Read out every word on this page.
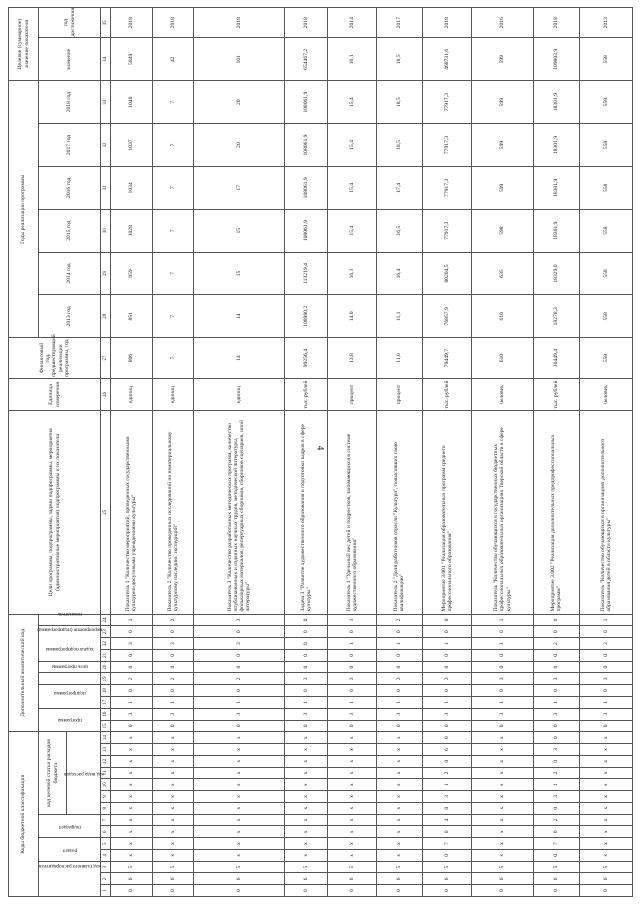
4
Коды бюджетной классификации														Дополнительный аналитический код										Цели программы, подпрограммы, задачи подпрограммы, мероприятия (административные мероприятия) подпрограммы и их показатели	Единица измерения	Финансовый год, предшествующий реализации программы, год	Годы реализации программы						Целевое (суммарное) значение показателя	
код главного распорядителя			раздел		подраздел		код целевой статьи расходов бюджета							программа		подпрограмма		цель программы	задача подпрограммы	мероприятие (подпрограмма)			показатель				2013 год	2014 год	2015 год	2016 год	2017 год	2018 год	значение	год достижения
							код вида расходов																											
1	2	3	4	5	6	7	8	9	10	11	12	13	14	15	16	17	18	19	20	21	22	23	24	25	26	27	28	29	30	31	32	33	34	35
0	6	5	x	x	x	x	x	x	x	x	x	x	x	0	3	1	0	2	0	0	3	0	1	Показатель 1 "Количество мероприятий, проведенных государственными культурно-досуговыми учреждениями культуры"	единиц	806	851	859	1028	1034	1037	1040	5849	2018
0	6	5	x	x	x	x	x	x	x	x	x	x	x	0	3	1	0	2	0	0	3	0	2	Показатель 2 "Количество проведенных исследований по нематериальному культурному наследию, экспедиций"	единиц	7	7	7	7	7	7	7	42	2018
0	6	5	x	x	x	x	x	x	x	x	x	x	x	0	3	1	0	2	0	0	3	0	3	Показатель 3 "Количество разработанных методических программ, количество опубликованных и изданных научных трудов, методической литературы, фольклорных материалов, репертуарных сборников, сборников сценариев, иной литературы"	единиц	14	14	15	15	17	20	20	101	2018
0	6	5	x	x	x	x	x	x	x	x	x	x	x	0	3	1	0	3	0	0	0	0	0	Задача 3 "Развитие художественного образования и подготовки кадров в сфере культуры"	тыс. рублей	99256,4	108980,2	113219,4	108061,9	108061,9	108061,9	108061,9	654467,2	2018
0	6	5	x	x	x	x	x	x	x	x	x	x	x	0	3	1	0	3	0	0	1	0	1	Показатель 1 "Удельный вес детей и подростков, занимающихся в системе художественного образования"	процент	13,8	14,0	16,1	15,4	15,4	15,4	15,4	16,1	2014
0	6	5	x	x	x	x	x	x	x	x	x	x	x	0	3	1	0	3	0	0	1	0	2	Показатель 2 "Доля работников отрасли "Культура", повысивших свою квалификацию"	процент	11,0	11,1	16,4	16,5	17,4	18,5	18,5	18,5	2017
0	6	5	0	7	0	4	0	3	1	2	0	6	0	0	3	1	0	3	0	0	1	0	0	Мероприятие 3.001 "Реализация образовательных программ среднего профессионального образования"	тыс. рублей	79449,7	76857,9	80204,5	77917,3	77917,3	77917,3	77917,3	468731,6	2018
0	6	5	x	x	x	x	x	x	x	x	x	x	x	0	3	1	0	3	0	0	1	0	1	Показатель "Количество обучающихся в государственных бюджетных профессиональных образовательных организациях Тверской области в сфере культуры"	человек	610	610	635	598	599	599	599	599	2016
0	6	5	0	7	0	2	0	3	1	2	0	3	0	0	3	1	0	3	0	0	2	0	0	Мероприятие 3.002 "Реализация дополнительных предпрофессиональных программ"	тыс. рублей	10449,4	18278,3	18329,0	18301,9	18301,9	18301,9	18301,9	109803,9	2018
0	6	5	x	x	x	x	x	x	x	x	x	x	x	0	3	1	0	3	0	0	2	0	1	Показатель "Количество обучающихся в организациях дополнительного образования детей в области культуры"	человек	558	558	558	558	558	558	558	558	2013
